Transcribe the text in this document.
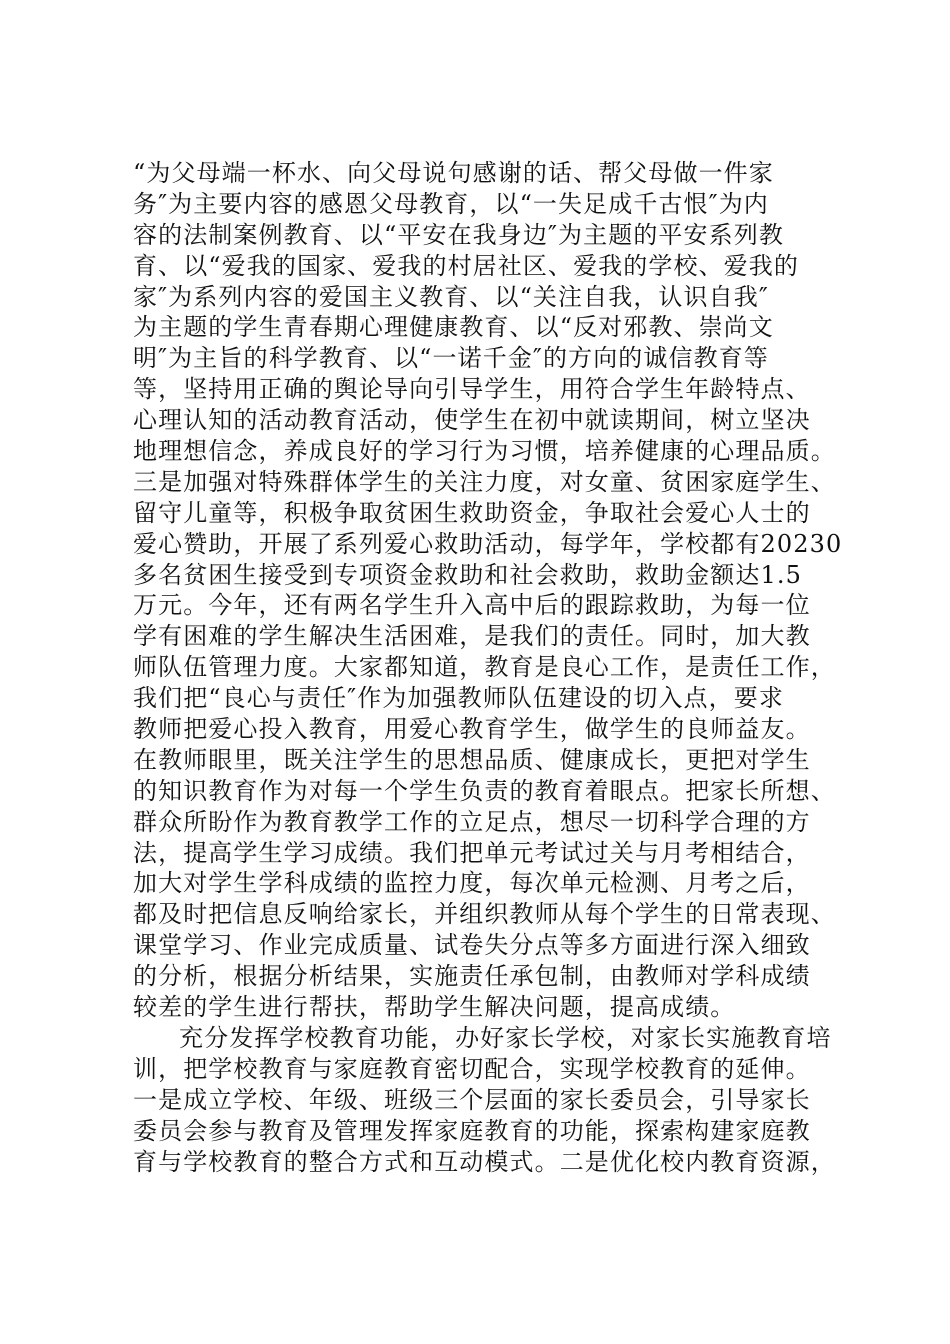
“为父母端一杯水、向父母说句感谢的话、帮父母做一件家
务″为主要内容的感恩父母教育，以“一失足成千古恨″为内
容的法制案例教育、以“平安在我身边″为主题的平安系列教
育、以“爱我的国家、爱我的村居社区、爱我的学校、爱我的
家″为系列内容的爱国主义教育、以“关注自我，认识自我″
为主题的学生青春期心理健康教育、以“反对邪教、崇尚文
明″为主旨的科学教育、以“一诺千金″的方向的诚信教育等
等，坚持用正确的舆论导向引导学生，用符合学生年龄特点、
心理认知的活动教育活动，使学生在初中就读期间，树立坚决
地理想信念，养成良好的学习行为习惯，培养健康的心理品质。
三是加强对特殊群体学生的关注力度，对女童、贫困家庭学生、
留守儿童等，积极争取贫困生救助资金，争取社会爱心人士的
爱心赞助，开展了系列爱心救助活动，每学年，学校都有20230
多名贫困生接受到专项资金救助和社会救助，救助金额达1.5
万元。今年，还有两名学生升入高中后的跟踪救助，为每一位
学有困难的学生解决生活困难，是我们的责任。同时，加大教
师队伍管理力度。大家都知道，教育是良心工作，是责任工作，
我们把“良心与责任″作为加强教师队伍建设的切入点，要求
教师把爱心投入教育，用爱心教育学生，做学生的良师益友。
在教师眼里，既关注学生的思想品质、健康成长，更把对学生
的知识教育作为对每一个学生负责的教育着眼点。把家长所想、
群众所盼作为教育教学工作的立足点，想尽一切科学合理的方
法，提高学生学习成绩。我们把单元考试过关与月考相结合，
加大对学生学科成绩的监控力度，每次单元检测、月考之后，
都及时把信息反响给家长，并组织教师从每个学生的日常表现、
课堂学习、作业完成质量、试卷失分点等多方面进行深入细致
的分析，根据分析结果，实施责任承包制，由教师对学科成绩
较差的学生进行帮扶，帮助学生解决问题，提高成绩。
充分发挥学校教育功能，办好家长学校，对家长实施教育培
训，把学校教育与家庭教育密切配合，实现学校教育的延伸。
一是成立学校、年级、班级三个层面的家长委员会，引导家长
委员会参与教育及管理发挥家庭教育的功能，探索构建家庭教
育与学校教育的整合方式和互动模式。二是优化校内教育资源，
